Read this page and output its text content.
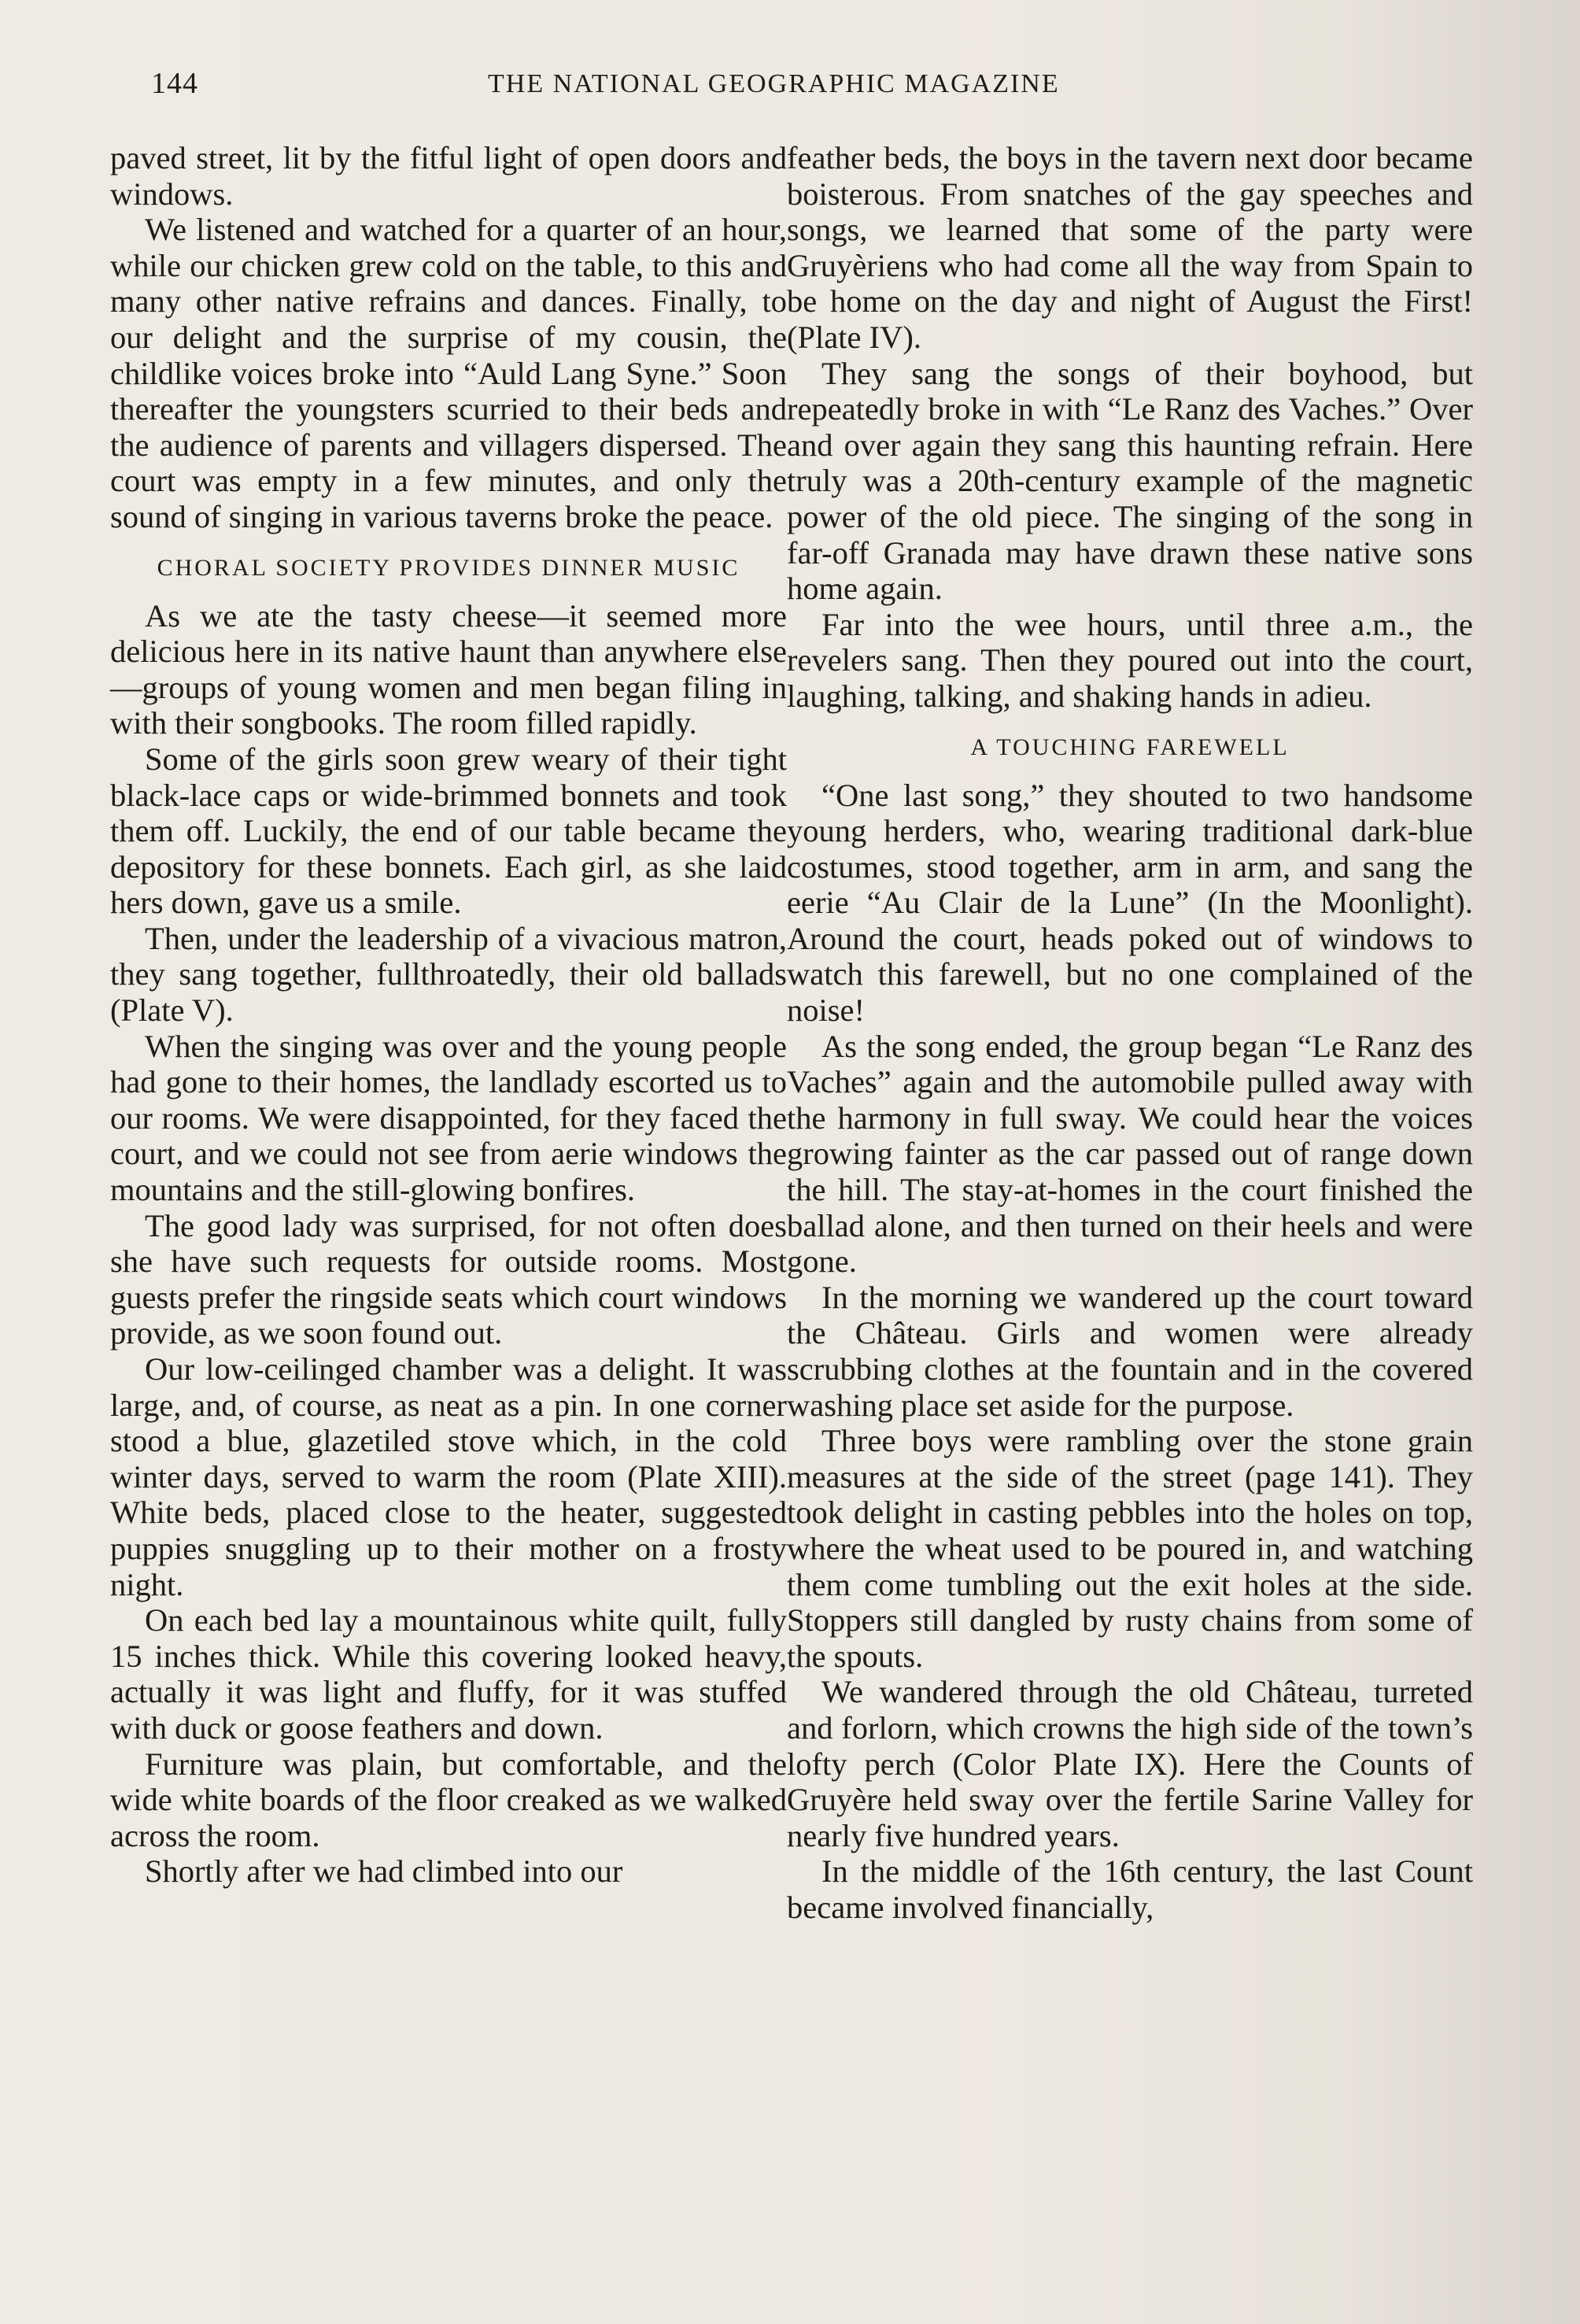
144	THE NATIONAL GEOGRAPHIC MAGAZINE

paved street, lit by the fitful light of open doors and windows.

We listened and watched for a quarter of an hour, while our chicken grew cold on the table, to this and many other native refrains and dances. Finally, to our delight and the surprise of my cousin, the childlike voices broke into “Auld Lang Syne.” Soon thereafter the youngsters scurried to their beds and the audience of parents and villagers dispersed. The court was empty in a few minutes, and only the sound of singing in various taverns broke the peace.

CHORAL SOCIETY PROVIDES DINNER MUSIC

As we ate the tasty cheese—it seemed more delicious here in its native haunt than anywhere else—groups of young women and men began filing in with their songbooks. The room filled rapidly.

Some of the girls soon grew weary of their tight black-lace caps or wide-brimmed bonnets and took them off. Luckily, the end of our table became the depository for these bonnets. Each girl, as she laid hers down, gave us a smile.

Then, under the leadership of a vivacious matron, they sang together, fullthroatedly, their old ballads (Plate V).

When the singing was over and the young people had gone to their homes, the landlady escorted us to our rooms. We were disappointed, for they faced the court, and we could not see from aerie windows the mountains and the still-glowing bonfires.

The good lady was surprised, for not often does she have such requests for outside rooms. Most guests prefer the ringside seats which court windows provide, as we soon found out.

Our low-ceilinged chamber was a delight. It was large, and, of course, as neat as a pin. In one corner stood a blue, glazetiled stove which, in the cold winter days, served to warm the room (Plate XIII). White beds, placed close to the heater, suggested puppies snuggling up to their mother on a frosty night.

On each bed lay a mountainous white quilt, fully 15 inches thick. While this covering looked heavy, actually it was light and fluffy, for it was stuffed with duck or goose feathers and down.

Furniture was plain, but comfortable, and the wide white boards of the floor creaked as we walked across the room.

Shortly after we had climbed into our

feather beds, the boys in the tavern next door became boisterous. From snatches of the gay speeches and songs, we learned that some of the party were Gruyèriens who had come all the way from Spain to be home on the day and night of August the First! (Plate IV).

They sang the songs of their boyhood, but repeatedly broke in with “Le Ranz des Vaches.” Over and over again they sang this haunting refrain. Here truly was a 20th-century example of the magnetic power of the old piece. The singing of the song in far-off Granada may have drawn these native sons home again.

Far into the wee hours, until three a.m., the revelers sang. Then they poured out into the court, laughing, talking, and shaking hands in adieu.

A TOUCHING FAREWELL

“One last song,” they shouted to two handsome young herders, who, wearing traditional dark-blue costumes, stood together, arm in arm, and sang the eerie “Au Clair de la Lune” (In the Moonlight). Around the court, heads poked out of windows to watch this farewell, but no one complained of the noise!

As the song ended, the group began “Le Ranz des Vaches” again and the automobile pulled away with the harmony in full sway. We could hear the voices growing fainter as the car passed out of range down the hill. The stay-at-homes in the court finished the ballad alone, and then turned on their heels and were gone.

In the morning we wandered up the court toward the Château. Girls and women were already scrubbing clothes at the fountain and in the covered washing place set aside for the purpose.

Three boys were rambling over the stone grain measures at the side of the street (page 141). They took delight in casting pebbles into the holes on top, where the wheat used to be poured in, and watching them come tumbling out the exit holes at the side. Stoppers still dangled by rusty chains from some of the spouts.

We wandered through the old Château, turreted and forlorn, which crowns the high side of the town’s lofty perch (Color Plate IX). Here the Counts of Gruyère held sway over the fertile Sarine Valley for nearly five hundred years.

In the middle of the 16th century, the last Count became involved financially,
